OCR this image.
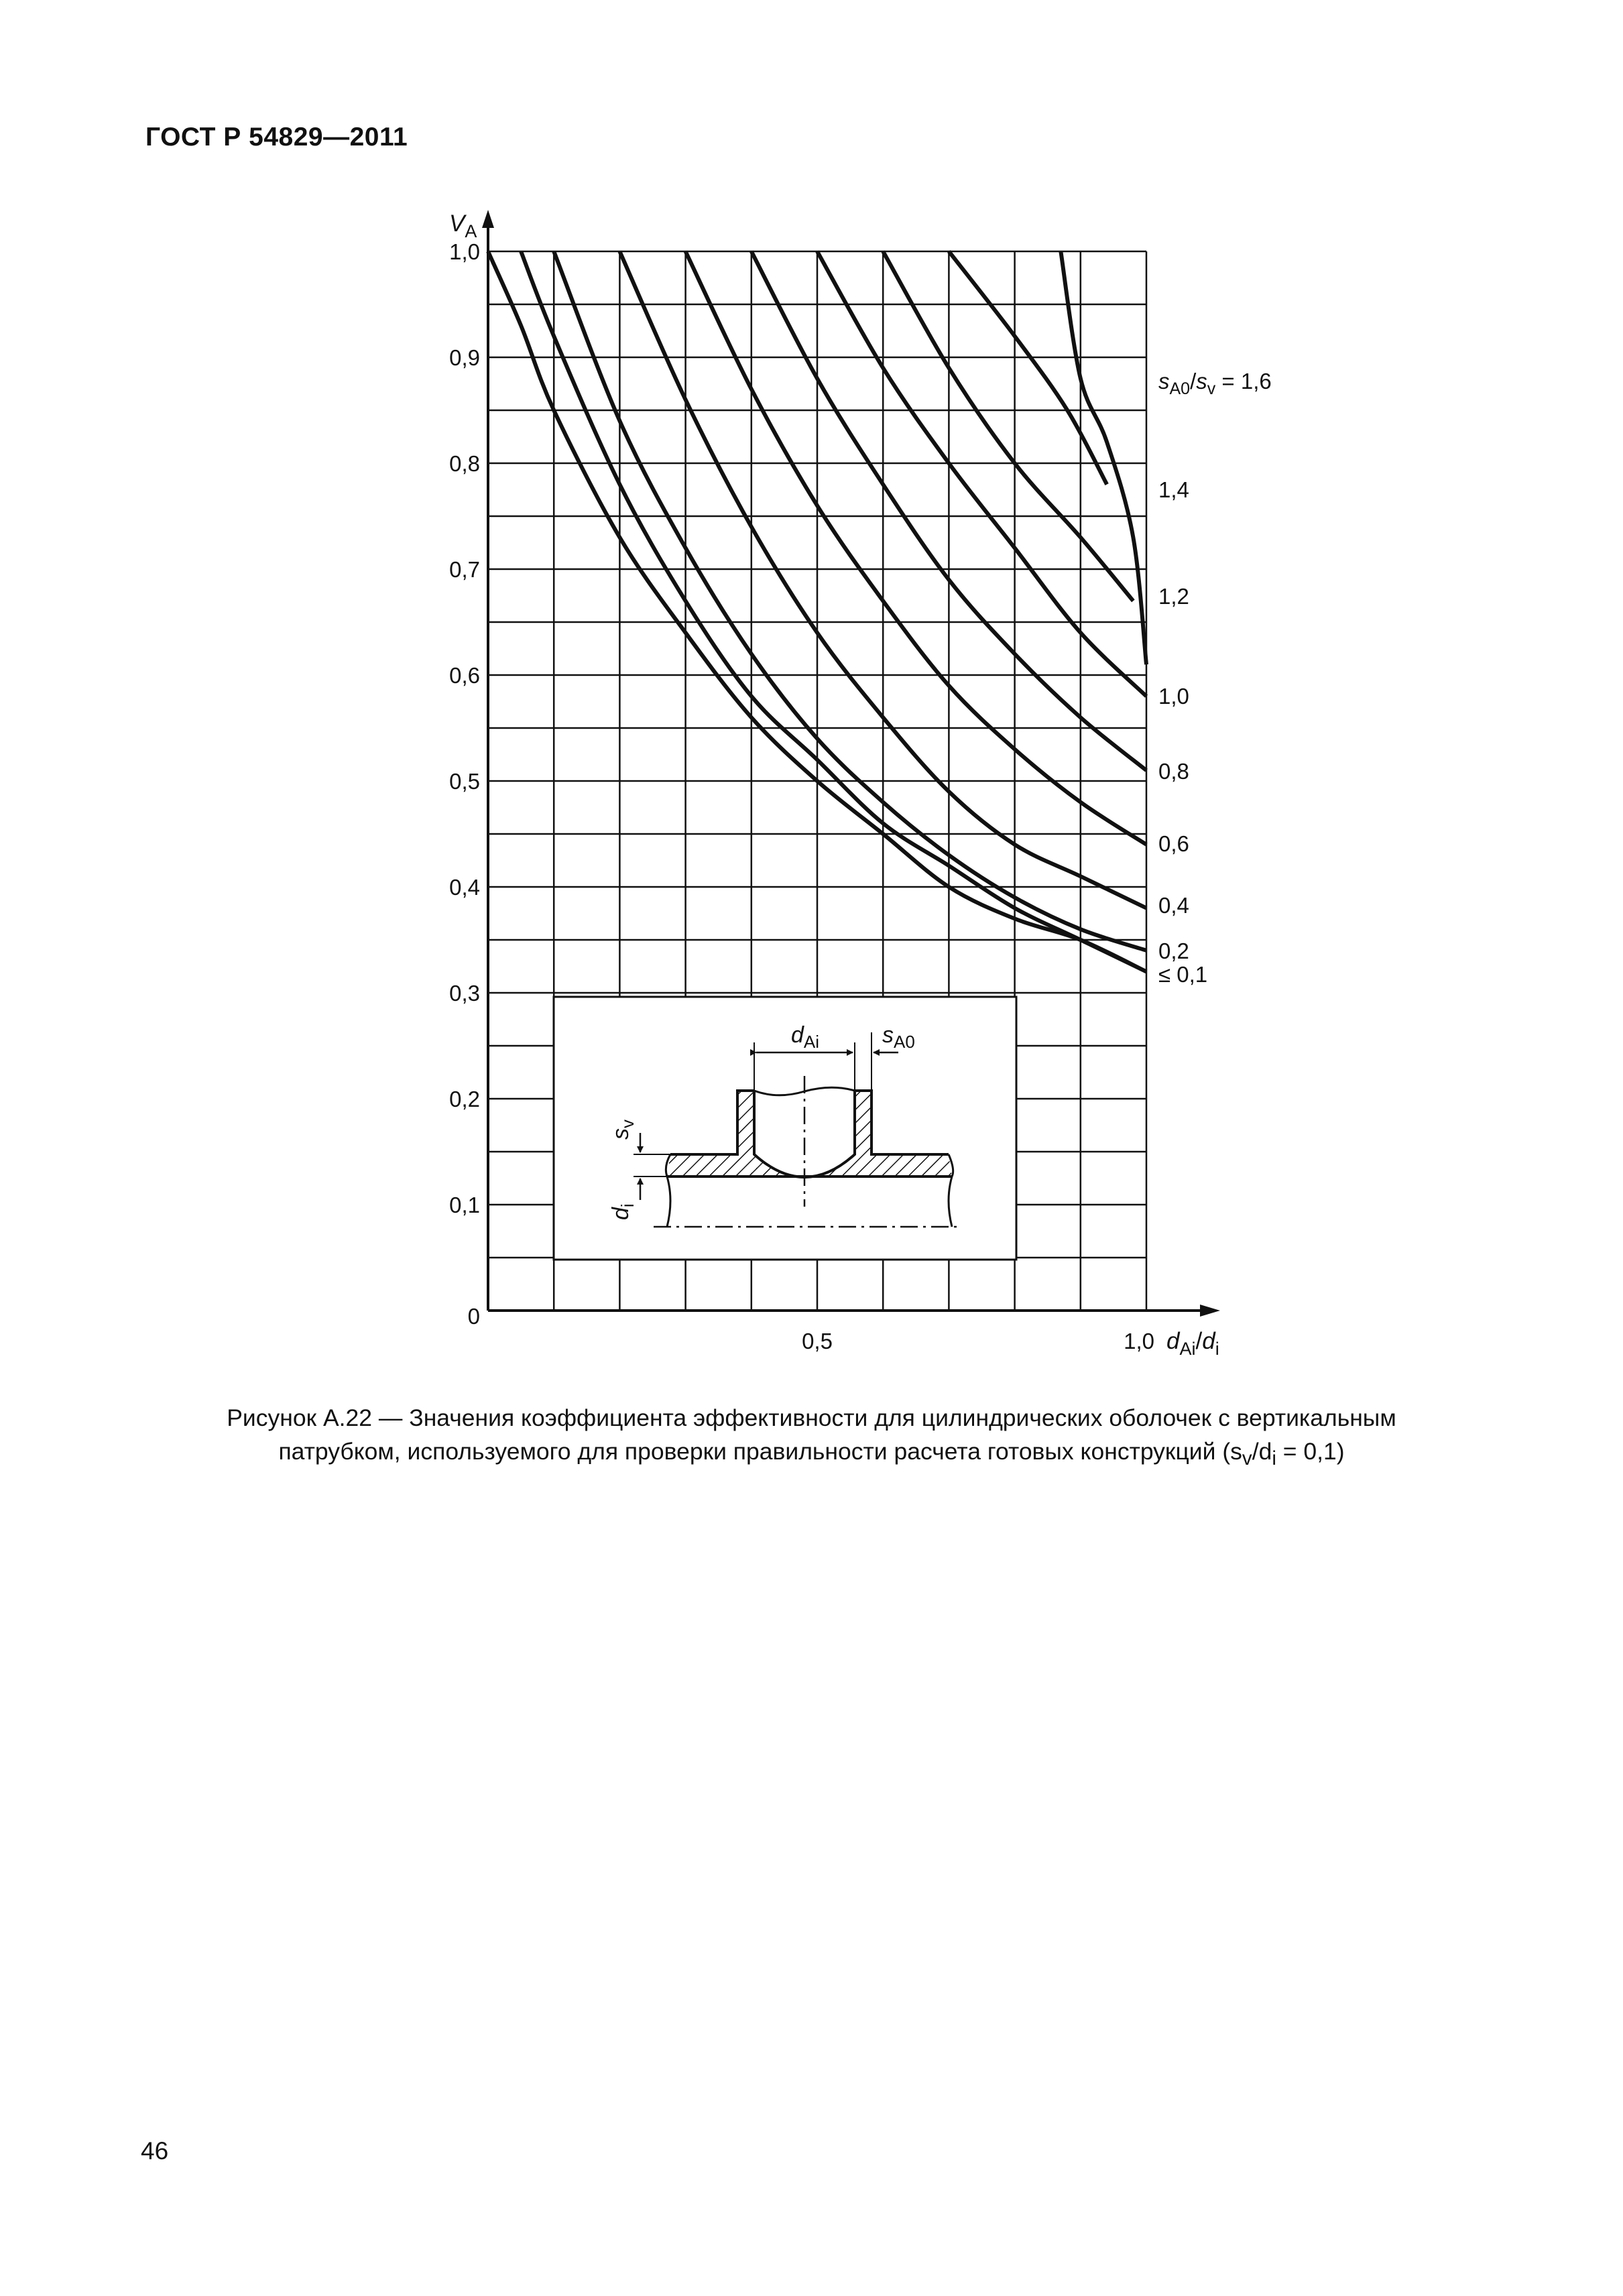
ГОСТ Р 54829—2011
1,0
0,9
0,8
0,7
0,6
0,5
0,4
0,3
0,2
0,1
0
0,5	1,0
$V_A$
$d_{Ai}/d_i$
$s_{A0}/s_v = 1,6$
1,4
1,2
1,0
0,8
0,6
0,4
0,2
≤ 0,1
$d_{Ai}$	$s_{A0}$
$s_v$
$d_i$

Рисунок А.22 — Значения коэффициента эффективности для цилиндрических оболочек с вертикальным

патрубком, используемого для проверки правильности расчета готовых конструкций $(s_v/d_i = 0,1)$

46
